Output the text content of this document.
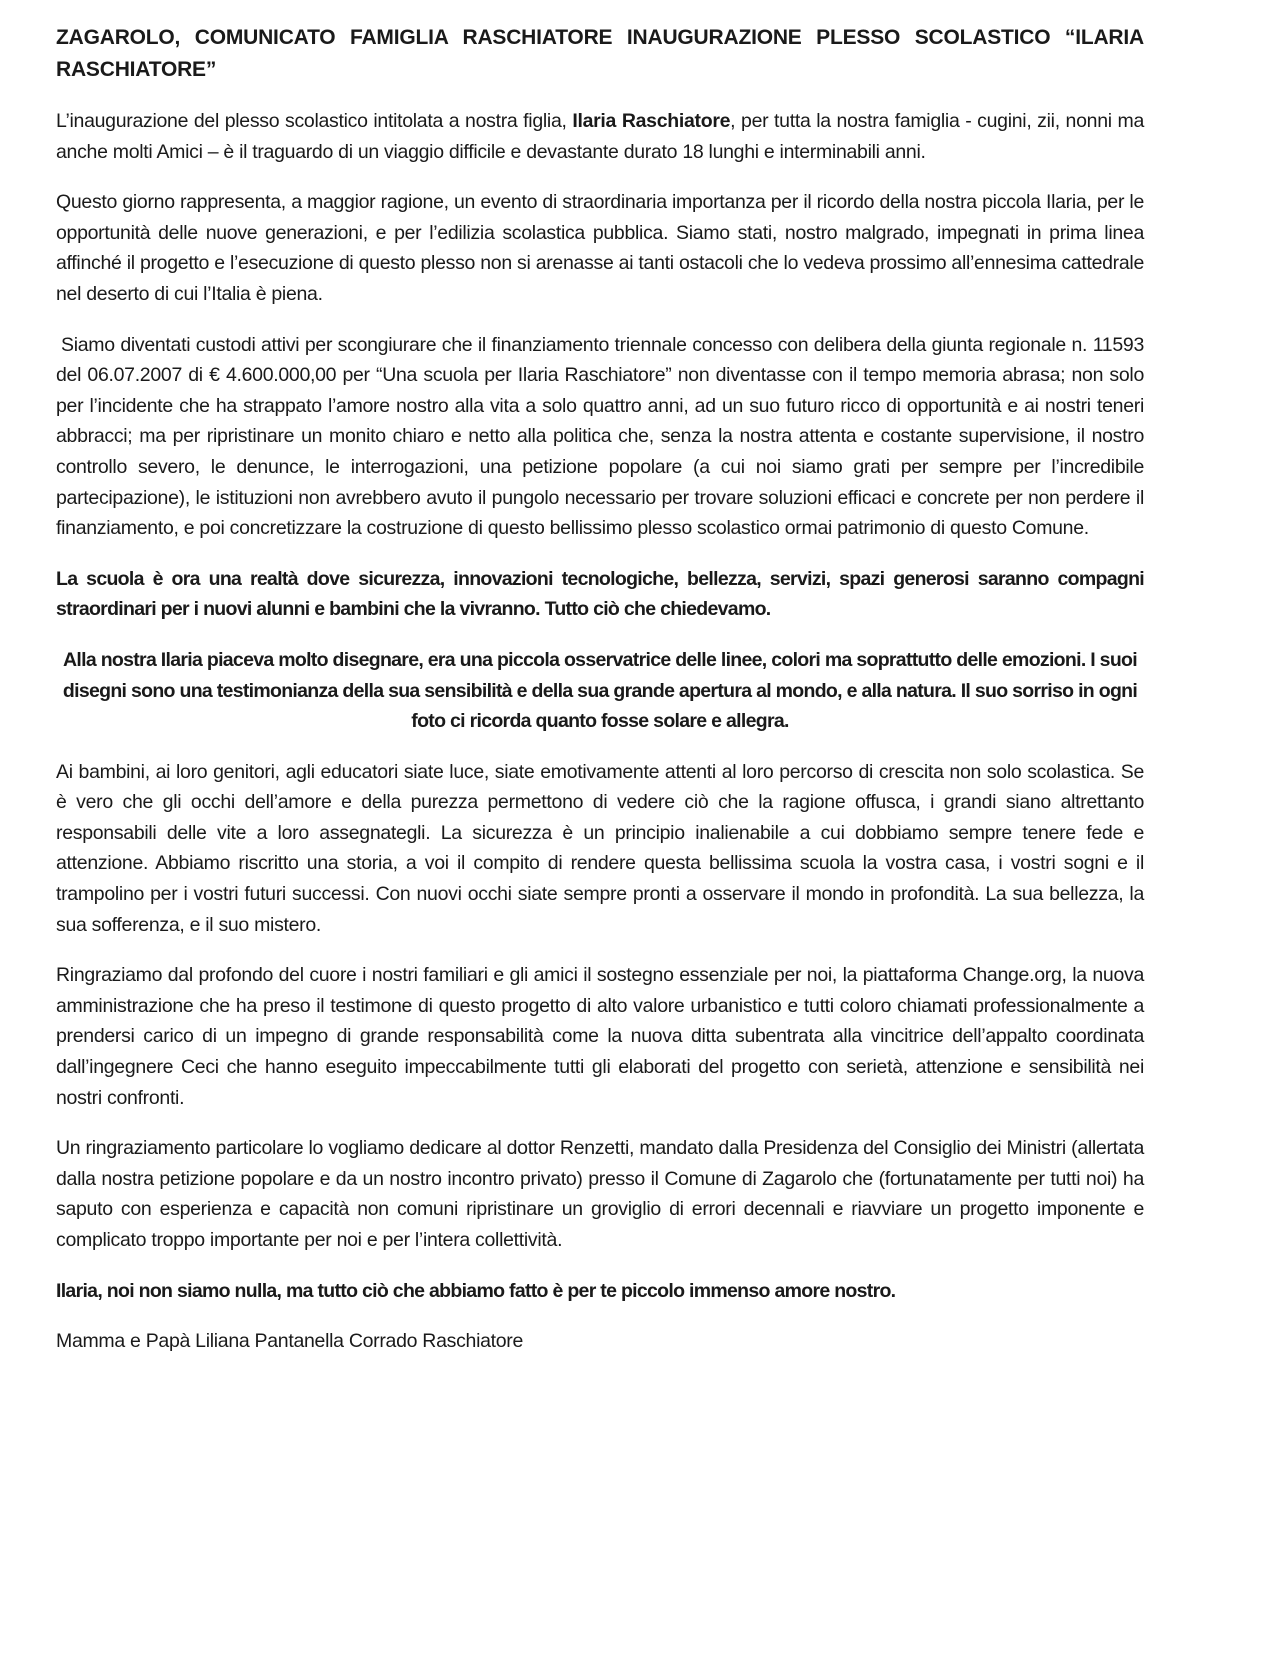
ZAGAROLO, COMUNICATO FAMIGLIA RASCHIATORE INAUGURAZIONE PLESSO SCOLASTICO “ILARIA RASCHIATORE”

L’inaugurazione del plesso scolastico intitolata a nostra figlia, Ilaria Raschiatore, per tutta la nostra famiglia - cugini, zii, nonni ma anche molti Amici – è il traguardo di un viaggio difficile e devastante durato 18 lunghi e interminabili anni.

Questo giorno rappresenta, a maggior ragione, un evento di straordinaria importanza per il ricordo della nostra piccola Ilaria, per le opportunità delle nuove generazioni, e per l’edilizia scolastica pubblica. Siamo stati, nostro malgrado, impegnati in prima linea affinché il progetto e l’esecuzione di questo plesso non si arenasse ai tanti ostacoli che lo vedeva prossimo all’ennesima cattedrale nel deserto di cui l’Italia è piena.

Siamo diventati custodi attivi per scongiurare che il finanziamento triennale concesso con delibera della giunta regionale n. 11593 del 06.07.2007 di € 4.600.000,00 per “Una scuola per Ilaria Raschiatore” non diventasse con il tempo memoria abrasa; non solo per l’incidente che ha strappato l’amore nostro alla vita a solo quattro anni, ad un suo futuro ricco di opportunità e ai nostri teneri abbracci; ma per ripristinare un monito chiaro e netto alla politica che, senza la nostra attenta e costante supervisione, il nostro controllo severo, le denunce, le interrogazioni, una petizione popolare (a cui noi siamo grati per sempre per l’incredibile partecipazione), le istituzioni non avrebbero avuto il pungolo necessario per trovare soluzioni efficaci e concrete per non perdere il finanziamento, e poi concretizzare la costruzione di questo bellissimo plesso scolastico ormai patrimonio di questo Comune.

La scuola è ora una realtà dove sicurezza, innovazioni tecnologiche, bellezza, servizi, spazi generosi saranno compagni straordinari per i nuovi alunni e bambini che la vivranno. Tutto ciò che chiedevamo.

Alla nostra Ilaria piaceva molto disegnare, era una piccola osservatrice delle linee, colori ma soprattutto delle emozioni. I suoi disegni sono una testimonianza della sua sensibilità e della sua grande apertura al mondo, e alla natura. Il suo sorriso in ogni foto ci ricorda quanto fosse solare e allegra.

Ai bambini, ai loro genitori, agli educatori siate luce, siate emotivamente attenti al loro percorso di crescita non solo scolastica. Se è vero che gli occhi dell’amore e della purezza permettono di vedere ciò che la ragione offusca, i grandi siano altrettanto responsabili delle vite a loro assegnategli. La sicurezza è un principio inalienabile a cui dobbiamo sempre tenere fede e attenzione. Abbiamo riscritto una storia, a voi il compito di rendere questa bellissima scuola la vostra casa, i vostri sogni e il trampolino per i vostri futuri successi. Con nuovi occhi siate sempre pronti a osservare il mondo in profondità. La sua bellezza, la sua sofferenza, e il suo mistero.

Ringraziamo dal profondo del cuore i nostri familiari e gli amici il sostegno essenziale per noi, la piattaforma Change.org, la nuova amministrazione che ha preso il testimone di questo progetto di alto valore urbanistico e tutti coloro chiamati professionalmente a prendersi carico di un impegno di grande responsabilità come la nuova ditta subentrata alla vincitrice dell’appalto coordinata dall’ingegnere Ceci che hanno eseguito impeccabilmente tutti gli elaborati del progetto con serietà, attenzione e sensibilità nei nostri confronti.

Un ringraziamento particolare lo vogliamo dedicare al dottor Renzetti, mandato dalla Presidenza del Consiglio dei Ministri (allertata dalla nostra petizione popolare e da un nostro incontro privato) presso il Comune di Zagarolo che (fortunatamente per tutti noi) ha saputo con esperienza e capacità non comuni ripristinare un groviglio di errori decennali e riavviare un progetto imponente e complicato troppo importante per noi e per l’intera collettività.

Ilaria, noi non siamo nulla, ma tutto ciò che abbiamo fatto è per te piccolo immenso amore nostro.

Mamma e Papà Liliana Pantanella Corrado Raschiatore
